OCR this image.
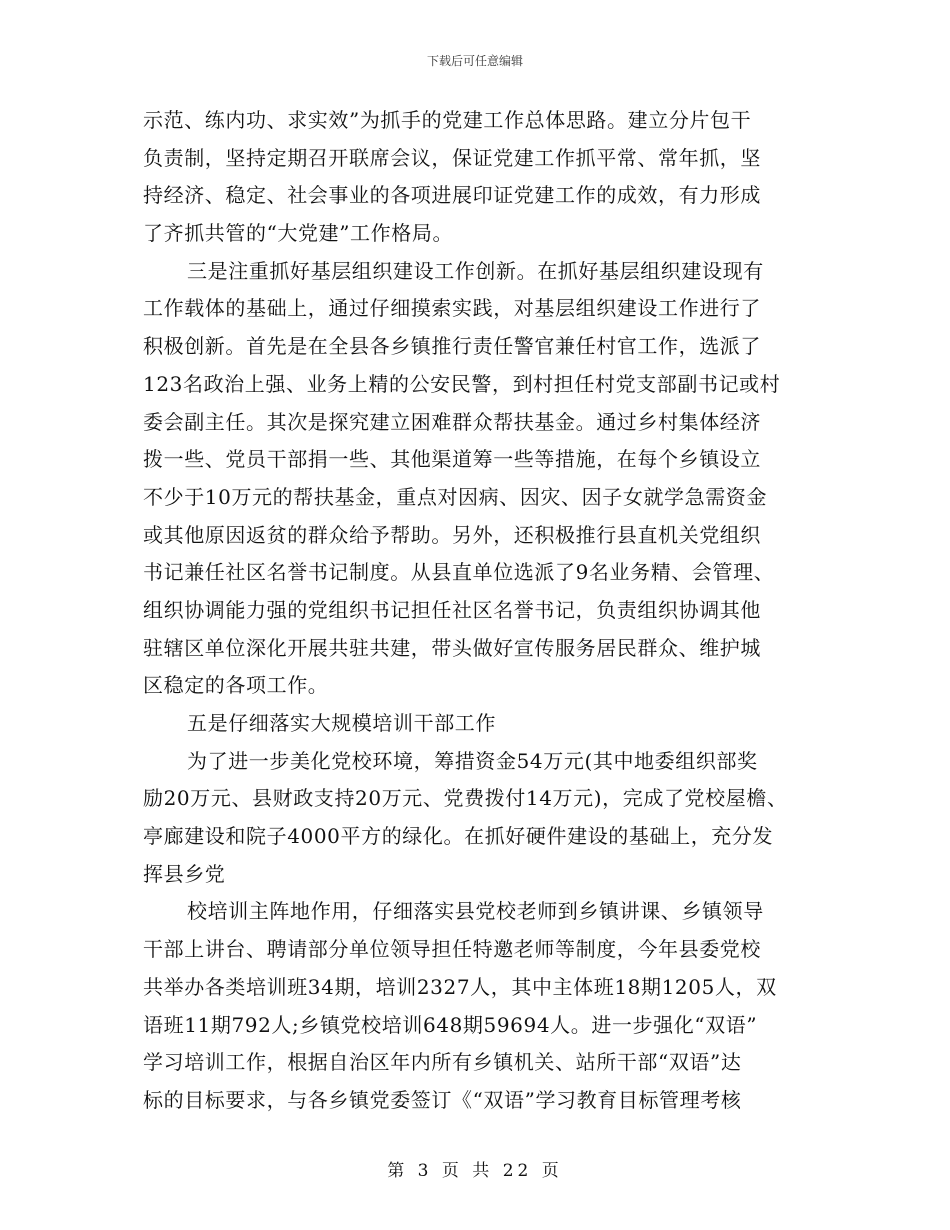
下载后可任意编辑
示范、练内功、求实效”为抓手的党建工作总体思路。建立分片包干
负责制，坚持定期召开联席会议，保证党建工作抓平常、常年抓，坚
持经济、稳定、社会事业的各项进展印证党建工作的成效，有力形成
了齐抓共管的“大党建”工作格局。
三是注重抓好基层组织建设工作创新。在抓好基层组织建设现有
工作载体的基础上，通过仔细摸索实践，对基层组织建设工作进行了
积极创新。首先是在全县各乡镇推行责任警官兼任村官工作，选派了
123名政治上强、业务上精的公安民警，到村担任村党支部副书记或村
委会副主任。其次是探究建立困难群众帮扶基金。通过乡村集体经济
拨一些、党员干部捐一些、其他渠道筹一些等措施，在每个乡镇设立
不少于10万元的帮扶基金，重点对因病、因灾、因子女就学急需资金
或其他原因返贫的群众给予帮助。另外，还积极推行县直机关党组织
书记兼任社区名誉书记制度。从县直单位选派了9名业务精、会管理、
组织协调能力强的党组织书记担任社区名誉书记，负责组织协调其他
驻辖区单位深化开展共驻共建，带头做好宣传服务居民群众、维护城
区稳定的各项工作。
五是仔细落实大规模培训干部工作
为了进一步美化党校环境，筹措资金54万元(其中地委组织部奖
励20万元、县财政支持20万元、党费拨付14万元)，完成了党校屋檐、
亭廊建设和院子4000平方的绿化。在抓好硬件建设的基础上，充分发
挥县乡党
校培训主阵地作用，仔细落实县党校老师到乡镇讲课、乡镇领导
干部上讲台、聘请部分单位领导担任特邀老师等制度，今年县委党校
共举办各类培训班34期，培训2327人，其中主体班18期1205人，双
语班11期792人;乡镇党校培训648期59694人。进一步强化“双语”
学习培训工作，根据自治区年内所有乡镇机关、站所干部“双语”达
标的目标要求，与各乡镇党委签订《“双语”学习教育目标管理考核
第 3 页 共 22 页
